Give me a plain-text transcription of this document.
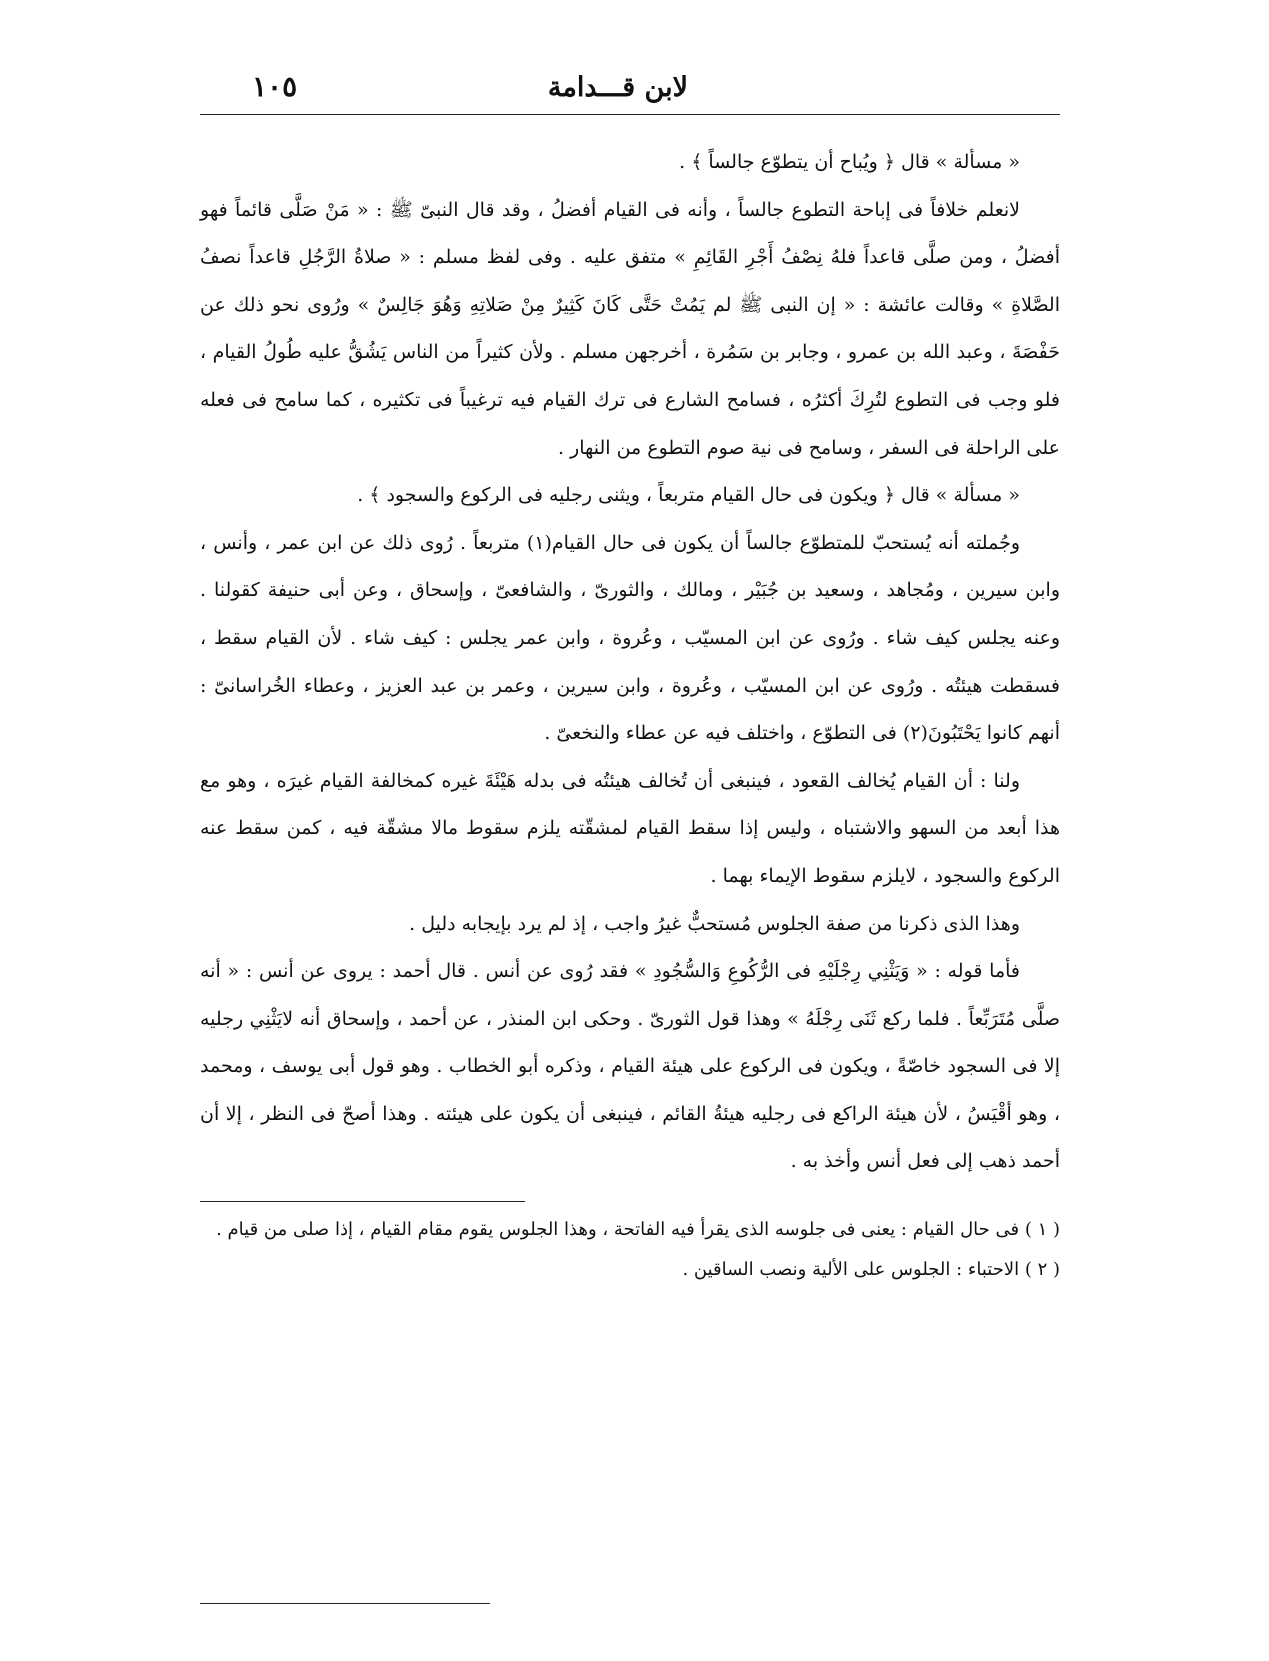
لابن قـــدامة
١٠٥

« مسألة » قال ﴿ ويُباح أن يتطوّع جالساً ﴾ .

لانعلم خلافاً فى إباحة التطوع جالساً ، وأنه فى القيام أفضلُ ، وقد قال النبىّ ﷺ : « مَنْ صَلَّى قائماً فهو أفضلُ ، ومن صلَّى قاعداً فلهُ نِصْفُ أَجْرِ القَائِمِ » متفق عليه . وفى لفظ مسلم : « صلاةُ الرَّجُلِ قاعداً نصفُ الصَّلاةِ » وقالت عائشة : « إن النبى ﷺ لم يَمُتْ حَتَّى كَانَ كَثِيرٌ مِنْ صَلاتِهِ وَهُوَ جَالِسٌ » ورُوى نحو ذلك عن حَفْصَةَ ، وعبد الله بن عمرو ، وجابر بن سَمُرة ، أخرجهن مسلم . ولأن كثيراً من الناس يَشُقُّ عليه طُولُ القيام ، فلو وجب فى التطوع لتُرِكَ أكثرُه ، فسامح الشارع فى ترك القيام فيه ترغيباً فى تكثيره ، كما سامح فى فعله على الراحلة فى السفر ، وسامح فى نية صوم التطوع من النهار .

« مسألة » قال ﴿ ويكون فى حال القيام متربعاً ، ويثنى رجليه فى الركوع والسجود ﴾ .

وجُملته أنه يُستحبّ للمتطوّع جالساً أن يكون فى حال القيام(١) متربعاً . رُوى ذلك عن ابن عمر ، وأنس ، وابن سيرين ، ومُجاهد ، وسعيد بن جُبَيْر ، ومالك ، والثورىّ ، والشافعىّ ، وإسحاق ، وعن أبى حنيفة كقولنا . وعنه يجلس كيف شاء . ورُوى عن ابن المسيّب ، وعُروة ، وابن عمر يجلس : كيف شاء . لأن القيام سقط ، فسقطت هيئتُه . ورُوى عن ابن المسيّب ، وعُروة ، وابن سيرين ، وعمر بن عبد العزيز ، وعطاء الخُراسانىّ : أنهم كانوا يَحْتَبُونَ(٢) فى التطوّع ، واختلف فيه عن عطاء والنخعىّ .

ولنا : أن القيام يُخالف القعود ، فينبغى أن تُخالف هيئتُه فى بدله هَيْئَةَ غيره كمخالفة القيام غيرَه ، وهو مع هذا أبعد من السهو والاشتباه ، وليس إذا سقط القيام لمشقّته يلزم سقوط مالا مشقّة فيه ، كمن سقط عنه الركوع والسجود ، لايلزم سقوط الإيماء بهما .

وهذا الذى ذكرنا من صفة الجلوس مُستحبٌّ غيرُ واجب ، إذ لم يرد بإيجابه دليل .

فأما قوله : « وَيَثْنِي رِجْلَيْهِ فى الرُّكُوعِ وَالسُّجُودِ » فقد رُوى عن أنس . قال أحمد : يروى عن أنس : « أنه صلَّى مُتَرَبِّعاً . فلما ركع ثَنَى رِجْلَهُ » وهذا قول الثورىّ . وحكى ابن المنذر ، عن أحمد ، وإسحاق أنه لايَثْنِي رجليه إلا فى السجود خاصّةً ، ويكون فى الركوع على هيئة القيام ، وذكره أبو الخطاب . وهو قول أبى يوسف ، ومحمد ، وهو أقْيَسُ ، لأن هيئة الراكع فى رجليه هيئةُ القائم ، فينبغى أن يكون على هيئته . وهذا أصحّ فى النظر ، إلا أن أحمد ذهب إلى فعل أنس وأخذ به .

( ١ ) فى حال القيام : يعنى فى جلوسه الذى يقرأ فيه الفاتحة ، وهذا الجلوس يقوم مقام القيام ، إذا صلى من قيام .

( ٢ ) الاحتباء : الجلوس على الألية ونصب الساقين .
